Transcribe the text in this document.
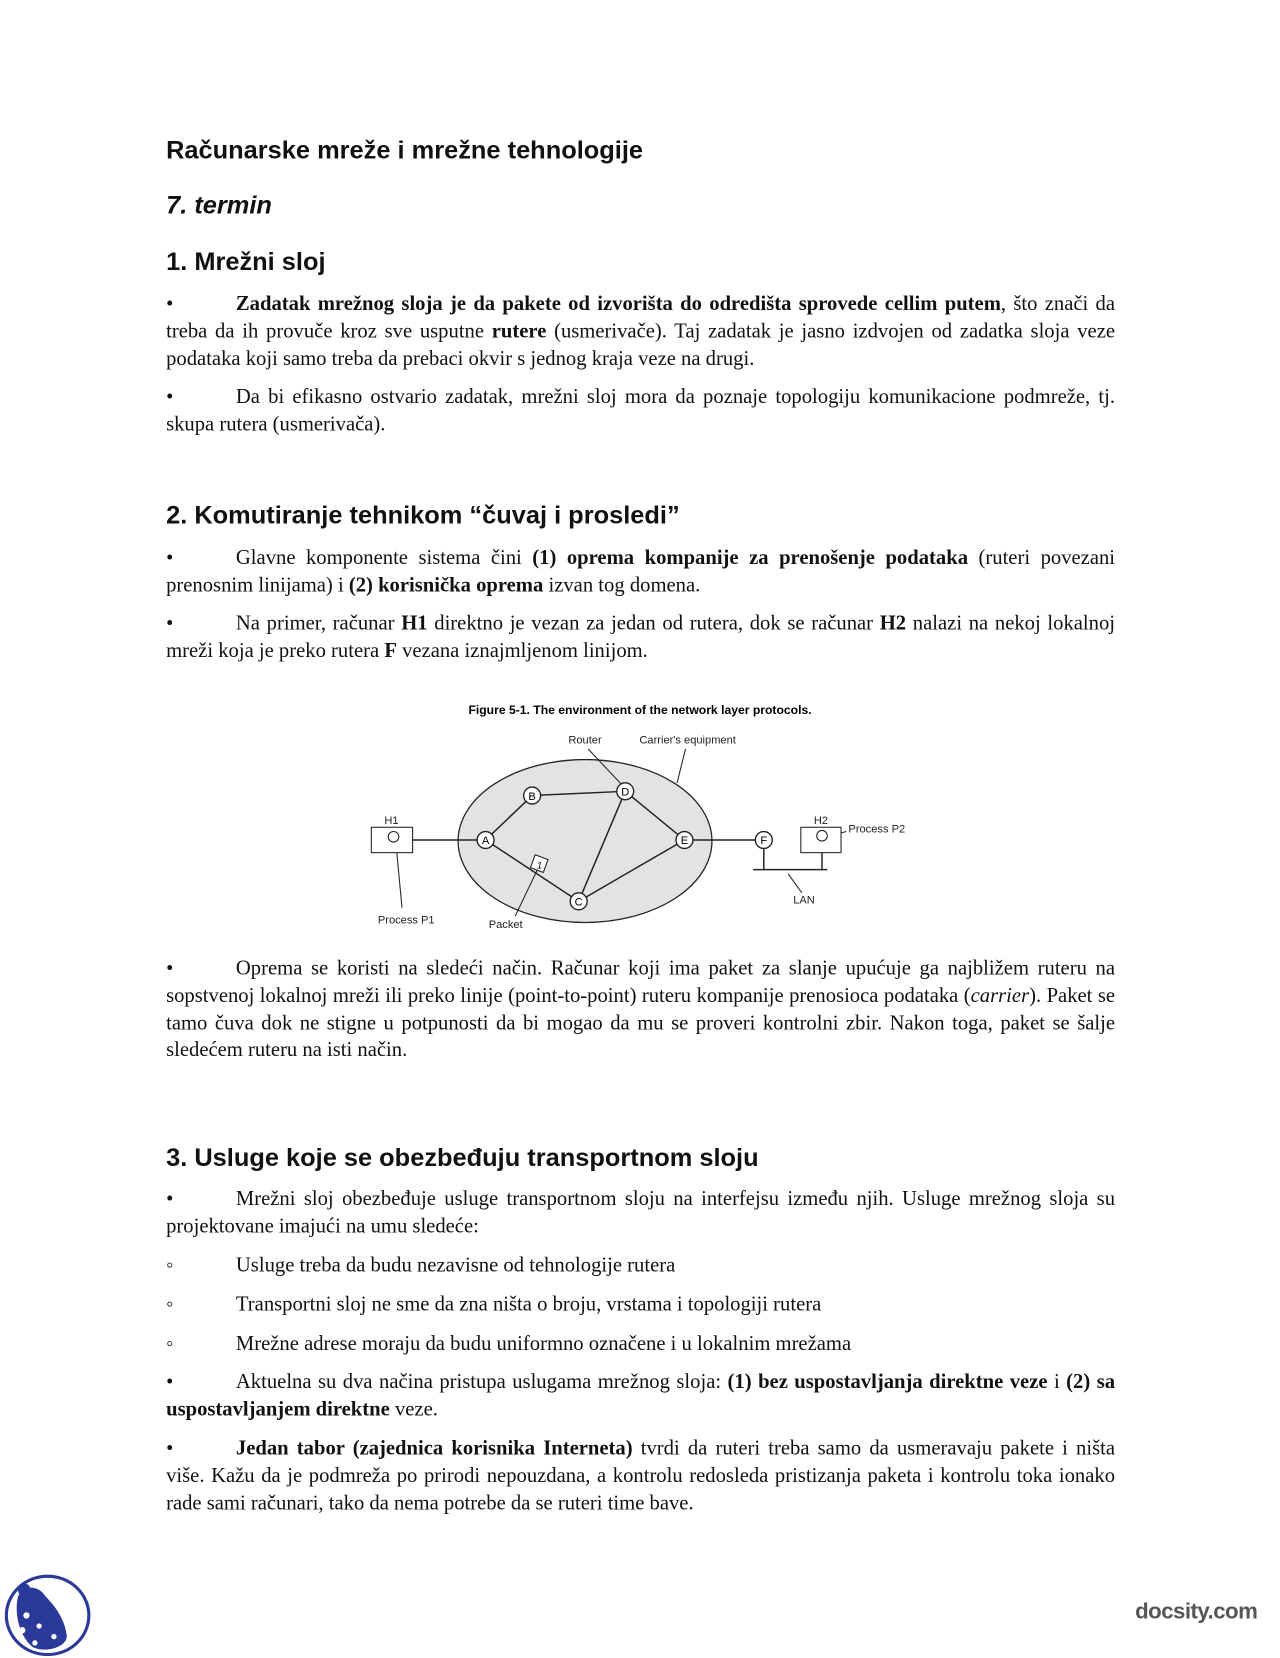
Računarske mreže i mrežne tehnologije
7. termin
1. Mrežni sloj
•	Zadatak mrežnog sloja je da pakete od izvorišta do odredišta sprovede cellim putem, što znači da treba da ih provuče kroz sve usputne rutere (usmerivače). Taj zadatak je jasno izdvojen od zadatka sloja veze podataka koji samo treba da prebaci okvir s jednog kraja veze na drugi.
•	Da bi efikasno ostvario zadatak, mrežni sloj mora da poznaje topologiju komunikacione podmreže, tj. skupa rutera (usmerivača).
2. Komutiranje tehnikom “čuvaj i prosledi”
•	Glavne komponente sistema čini (1) oprema kompanije za prenošenje podataka (ruteri povezani prenosnim linijama) i (2) korisnička oprema izvan tog domena.
•	Na primer, računar H1 direktno je vezan za jedan od rutera, dok se računar H2 nalazi na nekoj lokalnoj mreži koja je preko rutera F vezana iznajmljenom linijom.
Figure 5-1. The environment of the network layer protocols.
A
B
C
D
E	F
1
Router	Carrier's equipment
H1	H2
Process P2
Process P1	Packet
LAN
•	Oprema se koristi na sledeći način. Računar koji ima paket za slanje upućuje ga najbližem ruteru na sopstvenoj lokalnoj mreži ili preko linije (point-to-point) ruteru kompanije prenosioca podataka (carrier). Paket se tamo čuva dok ne stigne u potpunosti da bi mogao da mu se proveri kontrolni zbir. Nakon toga, paket se šalje sledećem ruteru na isti način.
3. Usluge koje se obezbeđuju transportnom sloju
•	Mrežni sloj obezbeđuje usluge transportnom sloju na interfejsu između njih. Usluge mrežnog sloja su projektovane imajući na umu sledeće:
◦	Usluge treba da budu nezavisne od tehnologije rutera
◦	Transportni sloj ne sme da zna ništa o broju, vrstama i topologiji rutera
◦	Mrežne adrese moraju da budu uniformno označene i u lokalnim mrežama
•	Aktuelna su dva načina pristupa uslugama mrežnog sloja: (1) bez uspostavljanja direktne veze i (2) sa uspostavljanjem direktne veze.
•	Jedan tabor (zajednica korisnika Interneta) tvrdi da ruteri treba samo da usmeravaju pakete i ništa više. Kažu da je podmreža po prirodi nepouzdana, a kontrolu redosleda pristizanja paketa i kontrolu toka ionako rade sami računari, tako da nema potrebe da se ruteri time bave.
docsity.com
